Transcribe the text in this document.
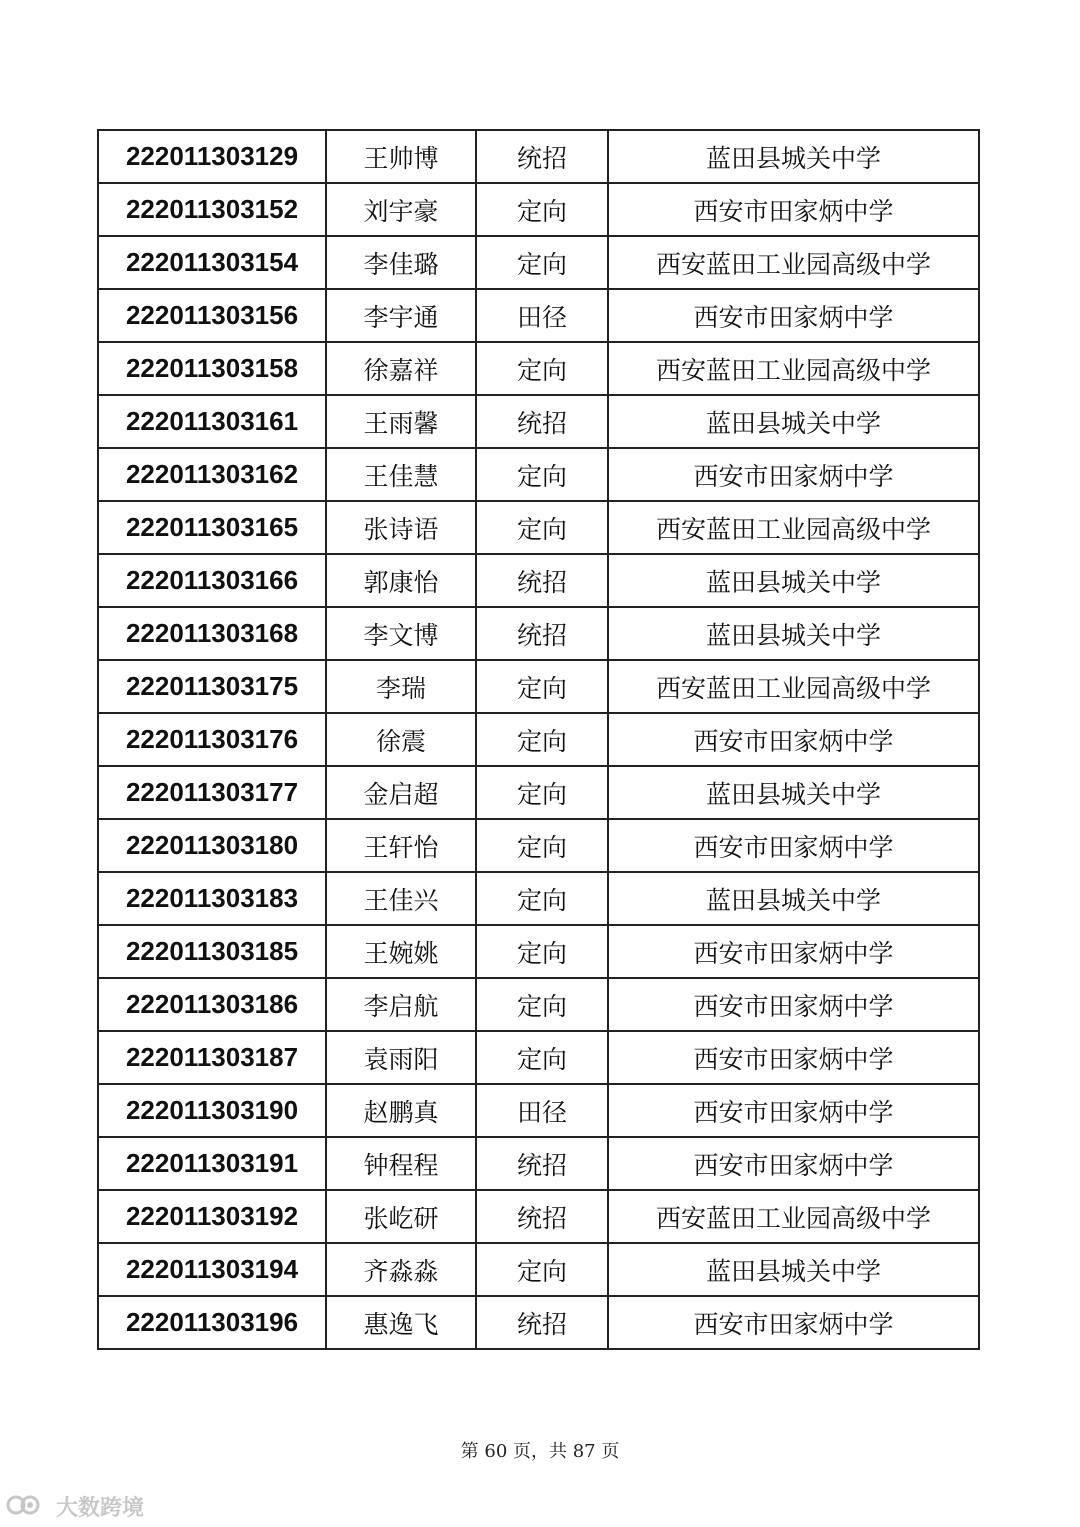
222011303129	王帅博	统招	蓝田县城关中学
222011303152	刘宇豪	定向	西安市田家炳中学
222011303154	李佳璐	定向	西安蓝田工业园高级中学
222011303156	李宇通	田径	西安市田家炳中学
222011303158	徐嘉祥	定向	西安蓝田工业园高级中学
222011303161	王雨馨	统招	蓝田县城关中学
222011303162	王佳慧	定向	西安市田家炳中学
222011303165	张诗语	定向	西安蓝田工业园高级中学
222011303166	郭康怡	统招	蓝田县城关中学
222011303168	李文博	统招	蓝田县城关中学
222011303175	李瑞	定向	西安蓝田工业园高级中学
222011303176	徐震	定向	西安市田家炳中学
222011303177	金启超	定向	蓝田县城关中学
222011303180	王轩怡	定向	西安市田家炳中学
222011303183	王佳兴	定向	蓝田县城关中学
222011303185	王婉姚	定向	西安市田家炳中学
222011303186	李启航	定向	西安市田家炳中学
222011303187	袁雨阳	定向	西安市田家炳中学
222011303190	赵鹏真	田径	西安市田家炳中学
222011303191	钟程程	统招	西安市田家炳中学
222011303192	张屹研	统招	西安蓝田工业园高级中学
222011303194	齐淼淼	定向	蓝田县城关中学
222011303196	惠逸飞	统招	西安市田家炳中学
第 60 页，共 87 页
大数跨境
